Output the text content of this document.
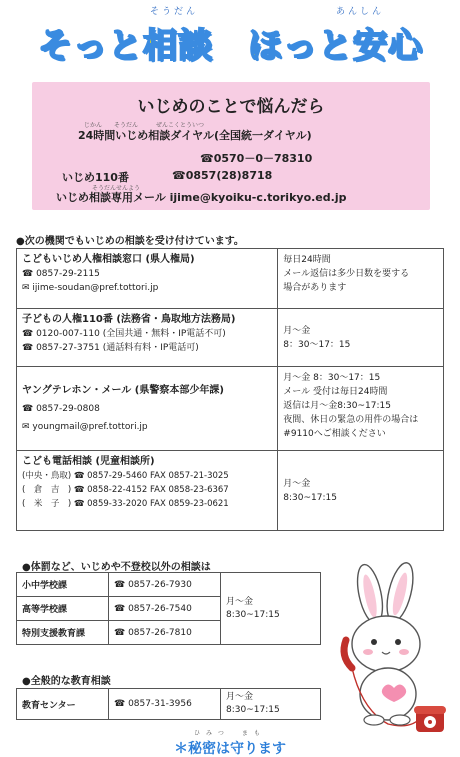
そうだん	あんしん
そっと相談　ほっと安心
いじめのことで悩んだら
じかん　　そうだん　　　ぜんこくとういつ
24時間いじめ相談ダイヤル(全国統一ダイヤル)
☎0570－0－78310
いじめ110番	☎0857(28)8718
そうだんせんよう
いじめ相談専用メール ijime@kyoiku-c.torikyo.ed.jp
●次の機関でもいじめの相談を受け付けています。
こどもいじめ人権相談窓口 (県人権局)
☎ 0857-29-2115
✉ ijime-soudan@pref.tottori.jp	毎日24時間
メール返信は多少日数を要する
場合があります

子どもの人権110番 (法務省・鳥取地方法務局)
☎ 0120-007-110 (全国共通・無料・IP電話不可)
☎ 0857-27-3751 (通話料有料・IP電話可)	月～金
8：30～17：15

ヤングテレホン・メール (県警察本部少年課)
☎ 0857-29-0808
✉ youngmail@pref.tottori.jp	月～金 8：30～17：15
メール 受付は毎日24時間
返信は月～金8:30~17:15
夜間、休日の緊急の用件の場合は
#9110へご相談ください

こども電話相談 (児童相談所)
(中央・鳥取) ☎ 0857-29-5460 FAX 0857-21-3025
(　倉　吉　) ☎ 0858-22-4152 FAX 0858-23-6367
(　米　子　) ☎ 0859-33-2020 FAX 0859-23-0621	月～金
8:30~17:15
●体罰など、いじめや不登校以外の相談は
小中学校課	☎ 0857-26-7930	月～金
8:30~17:15

高等学校課	☎ 0857-26-7540	
特別支援教育課	☎ 0857-26-7810	
●全般的な教育相談
教育センター	☎ 0857-31-3956	
月～金
8:30~17:15
ひみつ　まも
＊秘密は守ります
